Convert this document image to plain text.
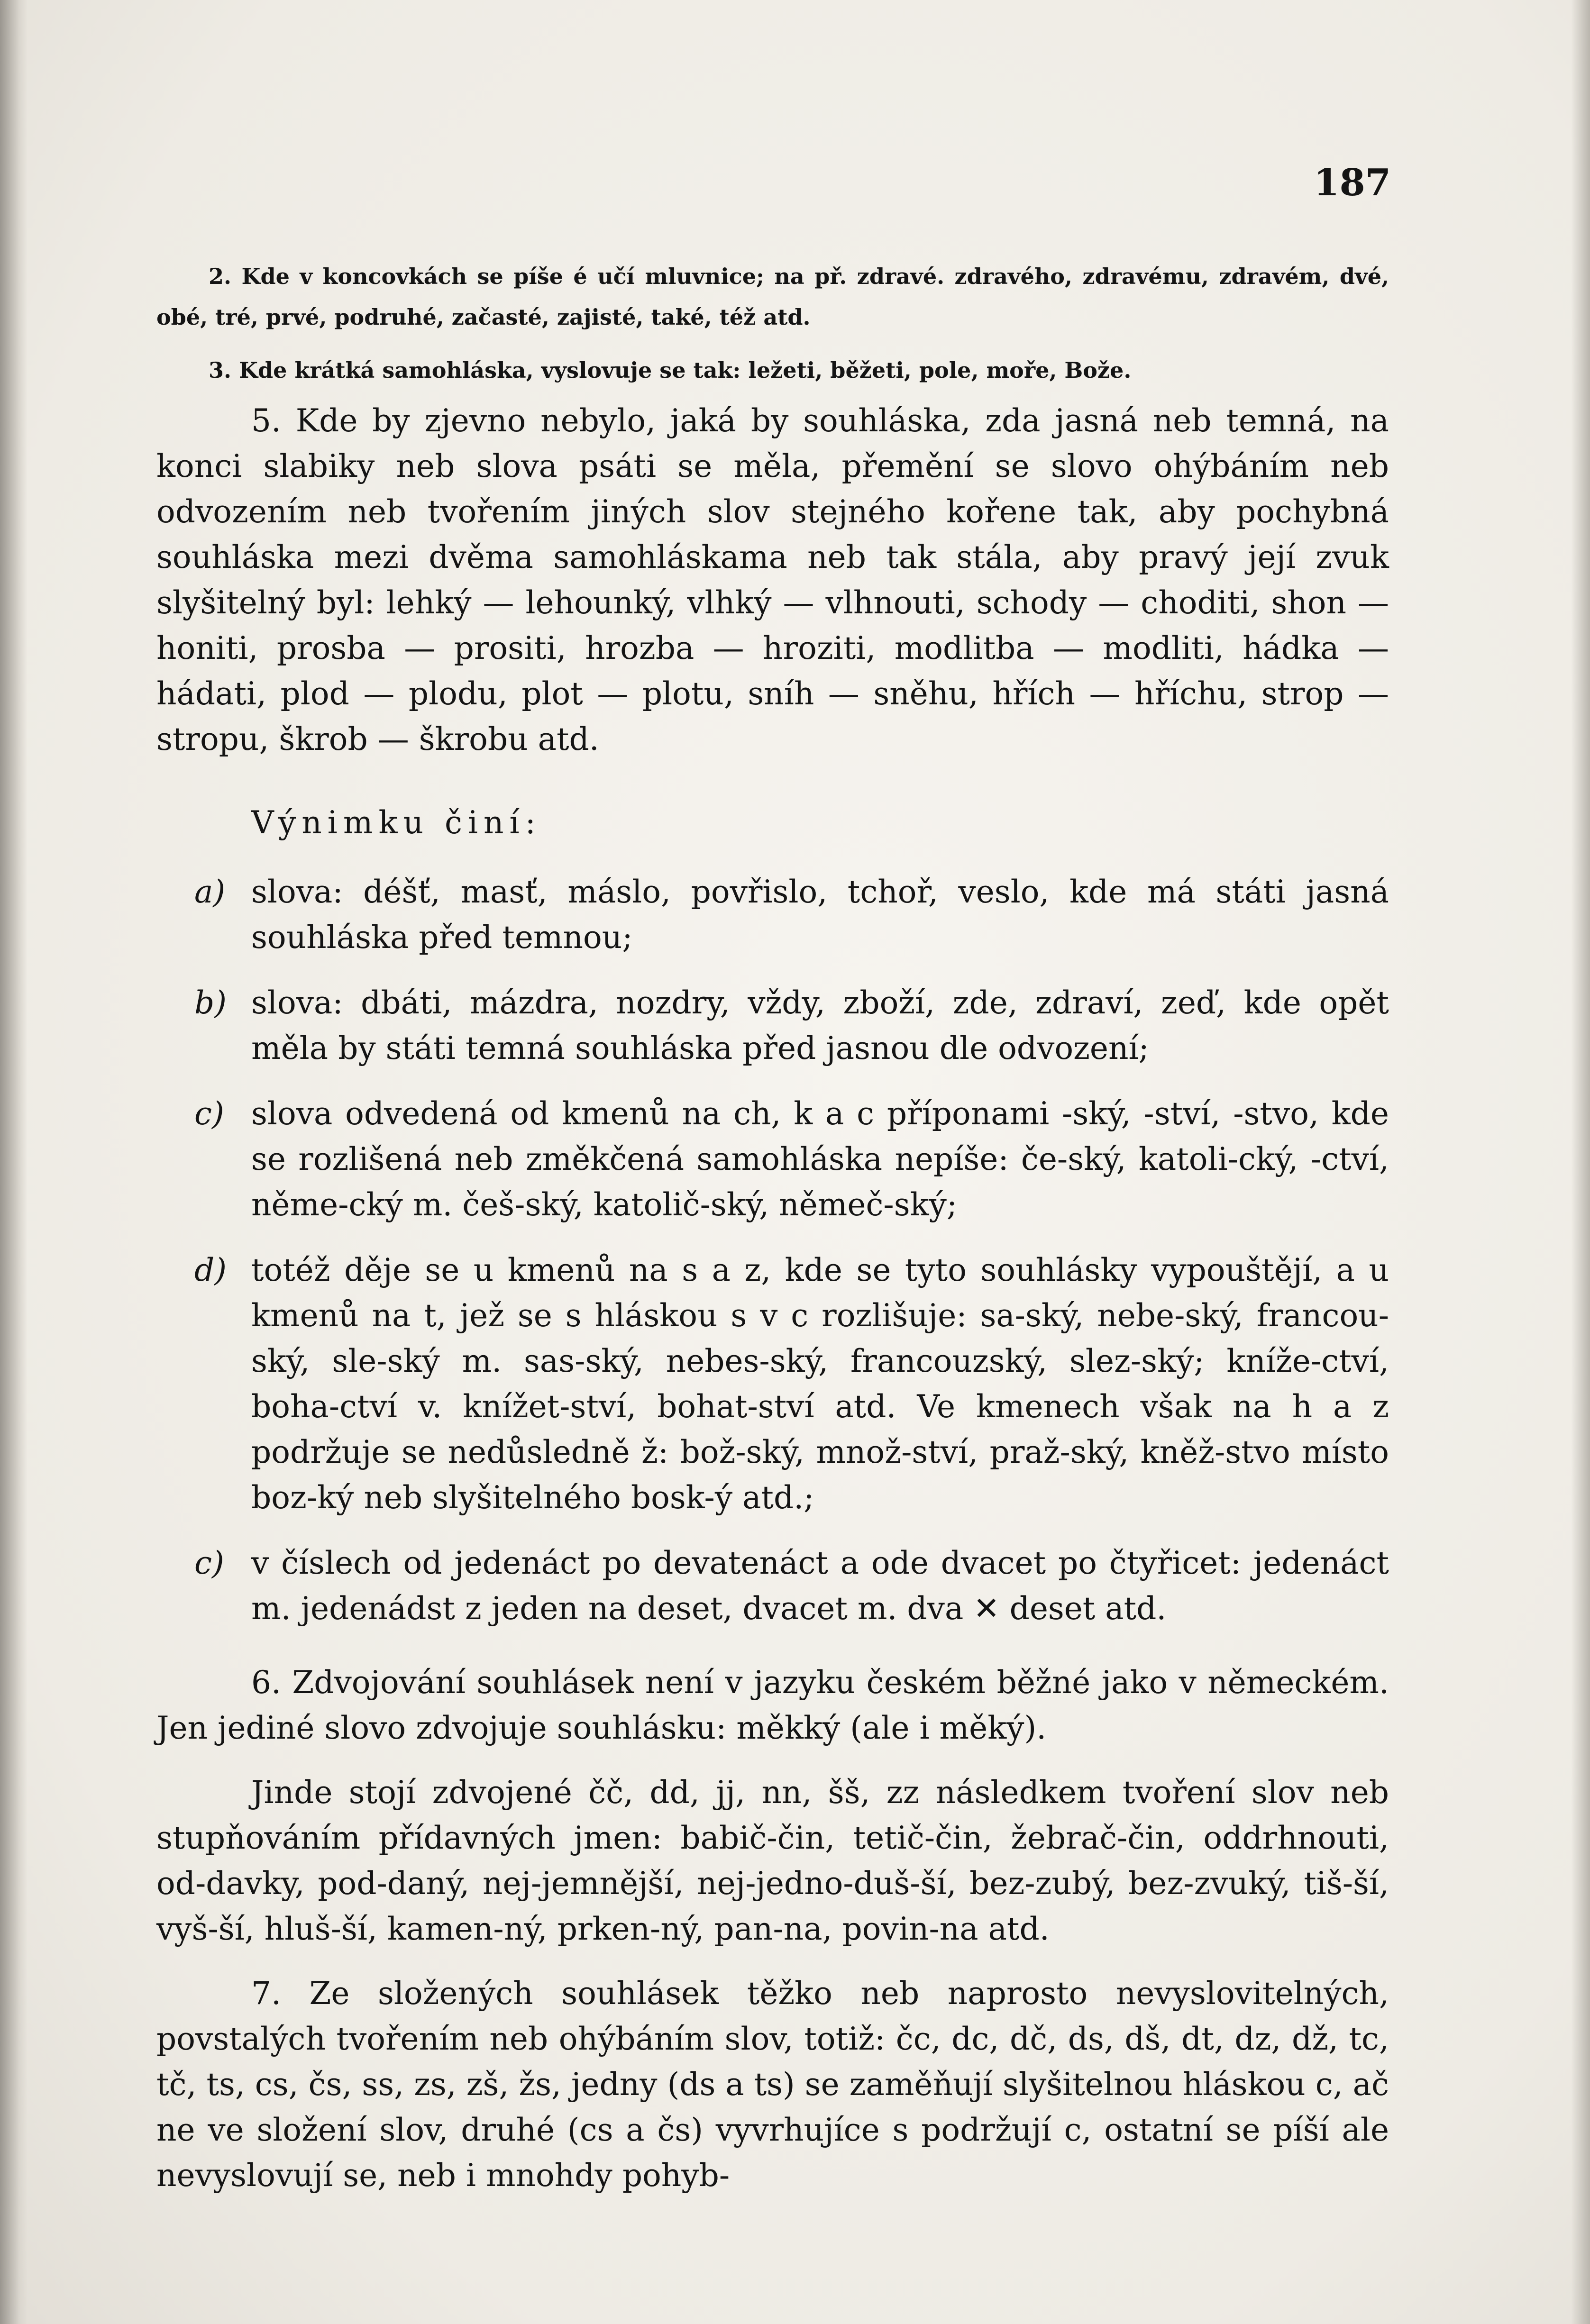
187

2. Kde v koncovkách se píše é učí mluvnice; na př. zdravé. zdravého, zdravému, zdravém, dvé, obé, tré, prvé, podruhé, začasté, zajisté, také, též atd.

3. Kde krátká samohláska, vyslovuje se tak: ležeti, běžeti, pole, moře, Bože.

5. Kde by zjevno nebylo, jaká by souhláska, zda jasná neb temná, na konci slabiky neb slova psáti se měla, přemění se slovo ohýbáním neb odvozením neb tvořením jiných slov stejného kořene tak, aby pochybná souhláska mezi dvěma samohláskama neb tak stála, aby pravý její zvuk slyšitelný byl: lehký — lehounký, vlhký — vlhnouti, schody — choditi, shon — honiti, prosba — prositi, hrozba — hroziti, modlitba — modliti, hádka — hádati, plod — plodu, plot — plotu, sníh — sněhu, hřích — hříchu, strop — stropu, škrob — škrobu atd.

Výnimku činí:
a) slova: déšť, masť, máslo, povřislo, tchoř, veslo, kde má státi jasná souhláska před temnou;
b) slova: dbáti, mázdra, nozdry, vždy, zboží, zde, zdraví, zeď, kde opět měla by státi temná souhláska před jasnou dle odvození;
c) slova odvedená od kmenů na ch, k a c příponami -ský, -ství, -stvo, kde se rozlišená neb změkčená samohláska nepíše: če-ský, katoli-cký, -ctví, něme-cký m. češ-ský, katolič-ský, němeč-ský;
d) totéž děje se u kmenů na s a z, kde se tyto souhlásky vypouštějí, a u kmenů na t, jež se s hláskou s v c rozlišuje: sa-ský, nebe-ský, francou-ský, sle-ský m. sas-ský, nebes-ský, francouzský, slez-ský; kníže-ctví, boha-ctví v. knížet-ství, bohat-ství atd. Ve kmenech však na h a z podržuje se nedůsledně ž: bož-ský, množ-ství, praž-ský, kněž-stvo místo boz-ký neb slyšitelného bosk-ý atd.;
c) v číslech od jedenáct po devatenáct a ode dvacet po čtyřicet: jedenáct m. jedenádst z jeden na deset, dvacet m. dva ✕ deset atd.

6. Zdvojování souhlásek není v jazyku českém běžné jako v německém. Jen jediné slovo zdvojuje souhlásku: měkký (ale i měký).

Jinde stojí zdvojené čč, dd, jj, nn, šš, zz následkem tvoření slov neb stupňováním přídavných jmen: babič-čin, tetič-čin, žebrač-čin, oddrhnouti, od-davky, pod-daný, nej-jemnější, nej-jedno-duš-ší, bez-zubý, bez-zvuký, tiš-ší, vyš-ší, hluš-ší, kamen-ný, prken-ný, pan-na, povin-na atd.

7. Ze složených souhlásek těžko neb naprosto nevyslovitelných, povstalých tvořením neb ohýbáním slov, totiž: čc, dc, dč, ds, dš, dt, dz, dž, tc, tč, ts, cs, čs, ss, zs, zš, žs, jedny (ds a ts) se zaměňují slyšitelnou hláskou c, ač ne ve složení slov, druhé (cs a čs) vyvrhujíce s podržují c, ostatní se píší ale nevyslovují se, neb i mnohdy pohyb-
